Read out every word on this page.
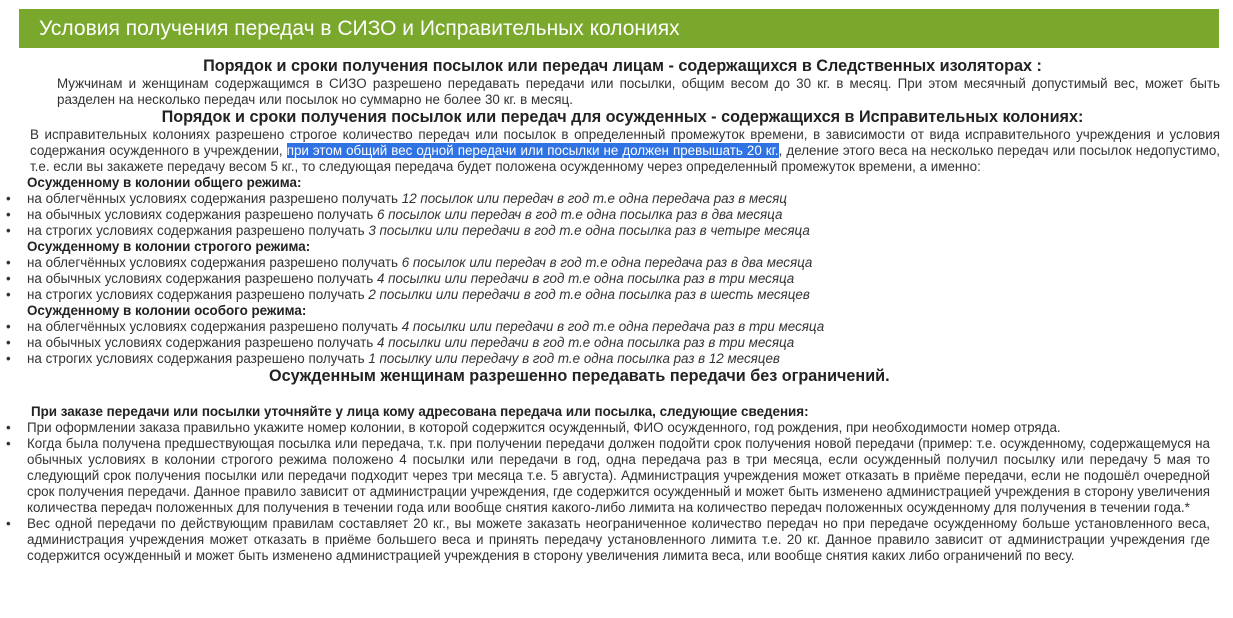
Условия получения передач в СИЗО и Исправительных колониях
Порядок и сроки получения посылок или передач лицам - содержащихся в Следственных изоляторах :

Мужчинам и женщинам содержащимся в СИЗО разрешено передавать передачи или посылки, общим весом до 30 кг. в месяц. При этом месячный допустимый вес, может быть разделен на несколько передач или посылок но суммарно не более 30 кг. в месяц.

Порядок и сроки получения посылок или передач для осужденных - содержащихся в Исправительных колониях:

В исправительных колониях разрешено строгое количество передач или посылок в определенный промежуток времени, в зависимости от вида исправительного учреждения и условия содержания осужденного в учреждении, при этом общий вес одной передачи или посылки не должен превышать 20 кг., деление этого веса на несколько передач или посылок недопустимо, т.е. если вы закажете передачу весом 5 кг., то следующая передача будет положена осужденному через определенный промежуток времени, а именно:

Осужденному в колонии общего режима:

• на облегчённых условиях содержания разрешено получать 12 посылок или передач в год т.е одна передача раз в месяц
• на обычных условиях содержания разрешено получать 6 посылок или передач в год т.е одна посылка раз в два месяца
• на строгих условиях содержания разрешено получать 3 посылки или передачи в год т.е одна посылка раз в четыре месяца

Осужденному в колонии строгого режима:

• на облегчённых условиях содержания разрешено получать 6 посылок или передач в год т.е одна передача раз в два месяца
• на обычных условиях содержания разрешено получать 4 посылки или передачи в год т.е одна посылка раз в три месяца
• на строгих условиях содержания разрешено получать 2 посылки или передачи в год т.е одна посылка раз в шесть месяцев

Осужденному в колонии особого режима:

• на облегчённых условиях содержания разрешено получать 4 посылки или передачи в год т.е одна передача раз в три месяца
• на обычных условиях содержания разрешено получать 4 посылки или передачи в год т.е одна посылка раз в три месяца
• на строгих условиях содержания разрешено получать 1 посылку или передачу в год т.е одна посылка раз в 12 месяцев

Осужденным женщинам разрешенно передавать передачи без ограничений.

При заказе передачи или посылки уточняйте у лица кому адресована передача или посылка, следующие сведения:

• При оформлении заказа правильно укажите номер колонии, в которой содержится осужденный, ФИО осужденного, год рождения, при необходимости номер отряда.
• Когда была получена предшествующая посылка или передача, т.к. при получении передачи должен подойти срок получения новой передачи (пример: т.е. осужденному, содержащемуся на обычных условиях в колонии строгого режима положено 4 посылки или передачи в год, одна передача раз в три месяца, если осужденный получил посылку или передачу 5 мая то следующий срок получения посылки или передачи подходит через три месяца т.е. 5 августа). Администрация учреждения может отказать в приёме передачи, если не подошёл очередной срок получения передачи. Данное правило зависит от администрации учреждения, где содержится осужденный и может быть изменено администрацией учреждения в сторону увеличения количества передач положенных для получения в течении года или вообще снятия какого-либо лимита на количество передач положенных осужденному для получения в течении года.*
• Вес одной передачи по действующим правилам составляет 20 кг., вы можете заказать неограниченное количество передач но при передаче осужденному больше установленного веса, администрация учреждения может отказать в приёме большего веса и принять передачу установленного лимита т.е. 20 кг. Данное правило зависит от администрации учреждения где содержится осужденный и может быть изменено администрацией учреждения в сторону увеличения лимита веса, или вообще снятия каких либо ограничений по весу.
